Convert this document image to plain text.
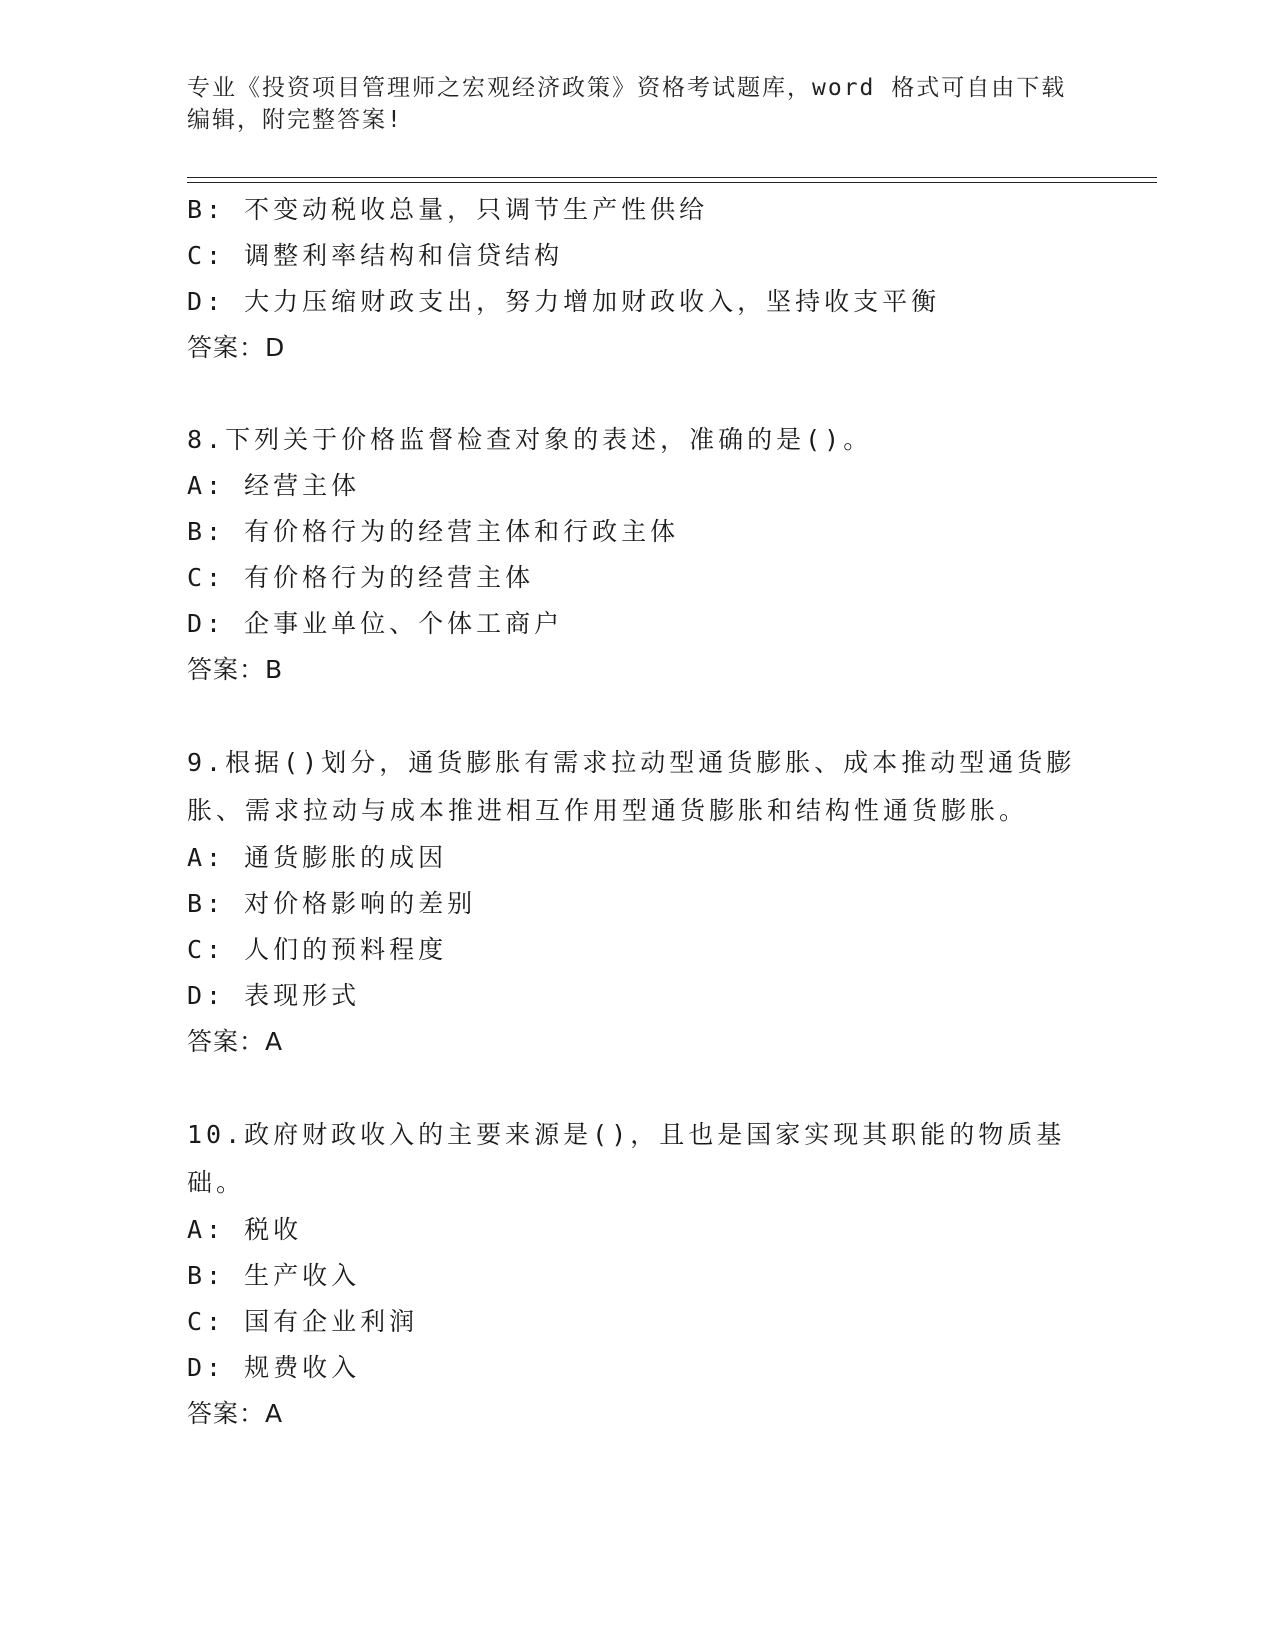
专业《投资项目管理师之宏观经济政策》资格考试题库，word 格式可自由下载编辑，附完整答案!
B: 不变动税收总量，只调节生产性供给
C: 调整利率结构和信贷结构
D: 大力压缩财政支出，努力增加财政收入，坚持收支平衡
答案：D
8.下列关于价格监督检查对象的表述，准确的是()。
A: 经营主体
B: 有价格行为的经营主体和行政主体
C: 有价格行为的经营主体
D: 企事业单位、个体工商户
答案：B
9.根据()划分，通货膨胀有需求拉动型通货膨胀、成本推动型通货膨胀、需求拉动与成本推进相互作用型通货膨胀和结构性通货膨胀。
A: 通货膨胀的成因
B: 对价格影响的差别
C: 人们的预料程度
D: 表现形式
答案：A
10.政府财政收入的主要来源是()，且也是国家实现其职能的物质基础。
A: 税收
B: 生产收入
C: 国有企业利润
D: 规费收入
答案：A
